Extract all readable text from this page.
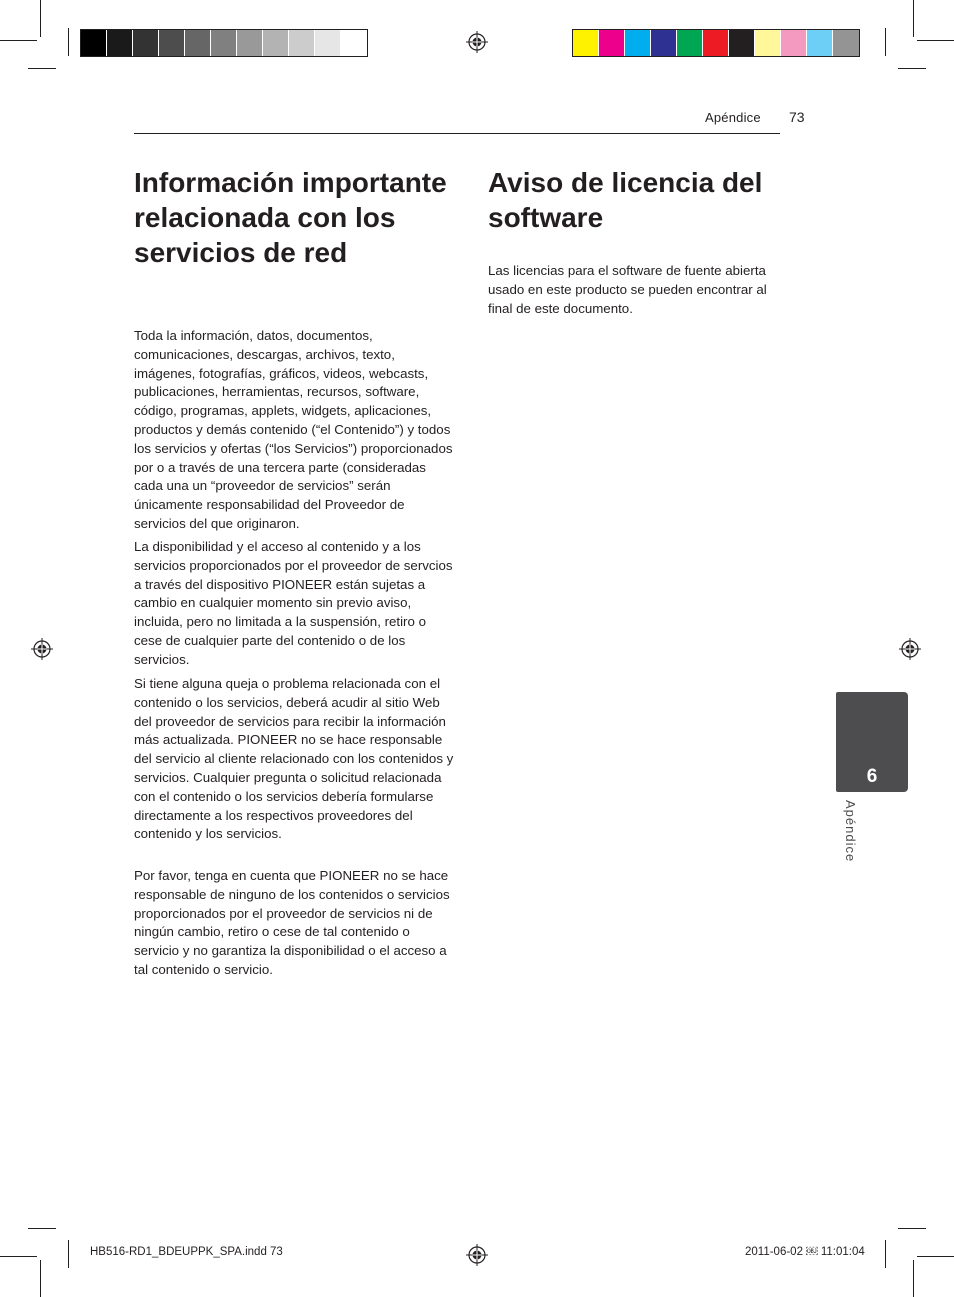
Apéndice 73
Información importante relacionada con los servicios de red

Toda la información, datos, documentos, comunicaciones, descargas, archivos, texto, imágenes, fotografías, gráficos, videos, webcasts, publicaciones, herramientas, recursos, software, código, programas, applets, widgets, aplicaciones, productos y demás contenido (“el Contenido”) y todos los servicios y ofertas (“los Servicios”) proporcionados por o a través de una tercera parte (consideradas cada una un “proveedor de servicios” serán únicamente responsabilidad del Proveedor de servicios del que originaron.

La disponibilidad y el acceso al contenido y a los servicios proporcionados por el proveedor de servcios a través del dispositivo PIONEER están sujetas a cambio en cualquier momento sin previo aviso, incluida, pero no limitada a la suspensión, retiro o cese de cualquier parte del contenido o de los servicios.

Si tiene alguna queja o problema relacionada con el contenido o los servicios, deberá acudir al sitio Web del proveedor de servicios para recibir la información más actualizada. PIONEER no se hace responsable del servicio al cliente relacionado con los contenidos y servicios. Cualquier pregunta o solicitud relacionada con el contenido o los servicios debería formularse directamente a los respectivos proveedores del contenido y los servicios.

Por favor, tenga en cuenta que PIONEER no se hace responsable de ninguno de los contenidos o servicios proporcionados por el proveedor de servicios ni de ningún cambio, retiro o cese de tal contenido o servicio y no garantiza la disponibilidad o el acceso a tal contenido o servicio.

Aviso de licencia del software

Las licencias para el software de fuente abierta usado en este producto se pueden encontrar al final de este documento.

6
Apéndice
HB516-RD1_BDEUPPK_SPA.indd 73	2011-06-02 ￼ 11:01:04
